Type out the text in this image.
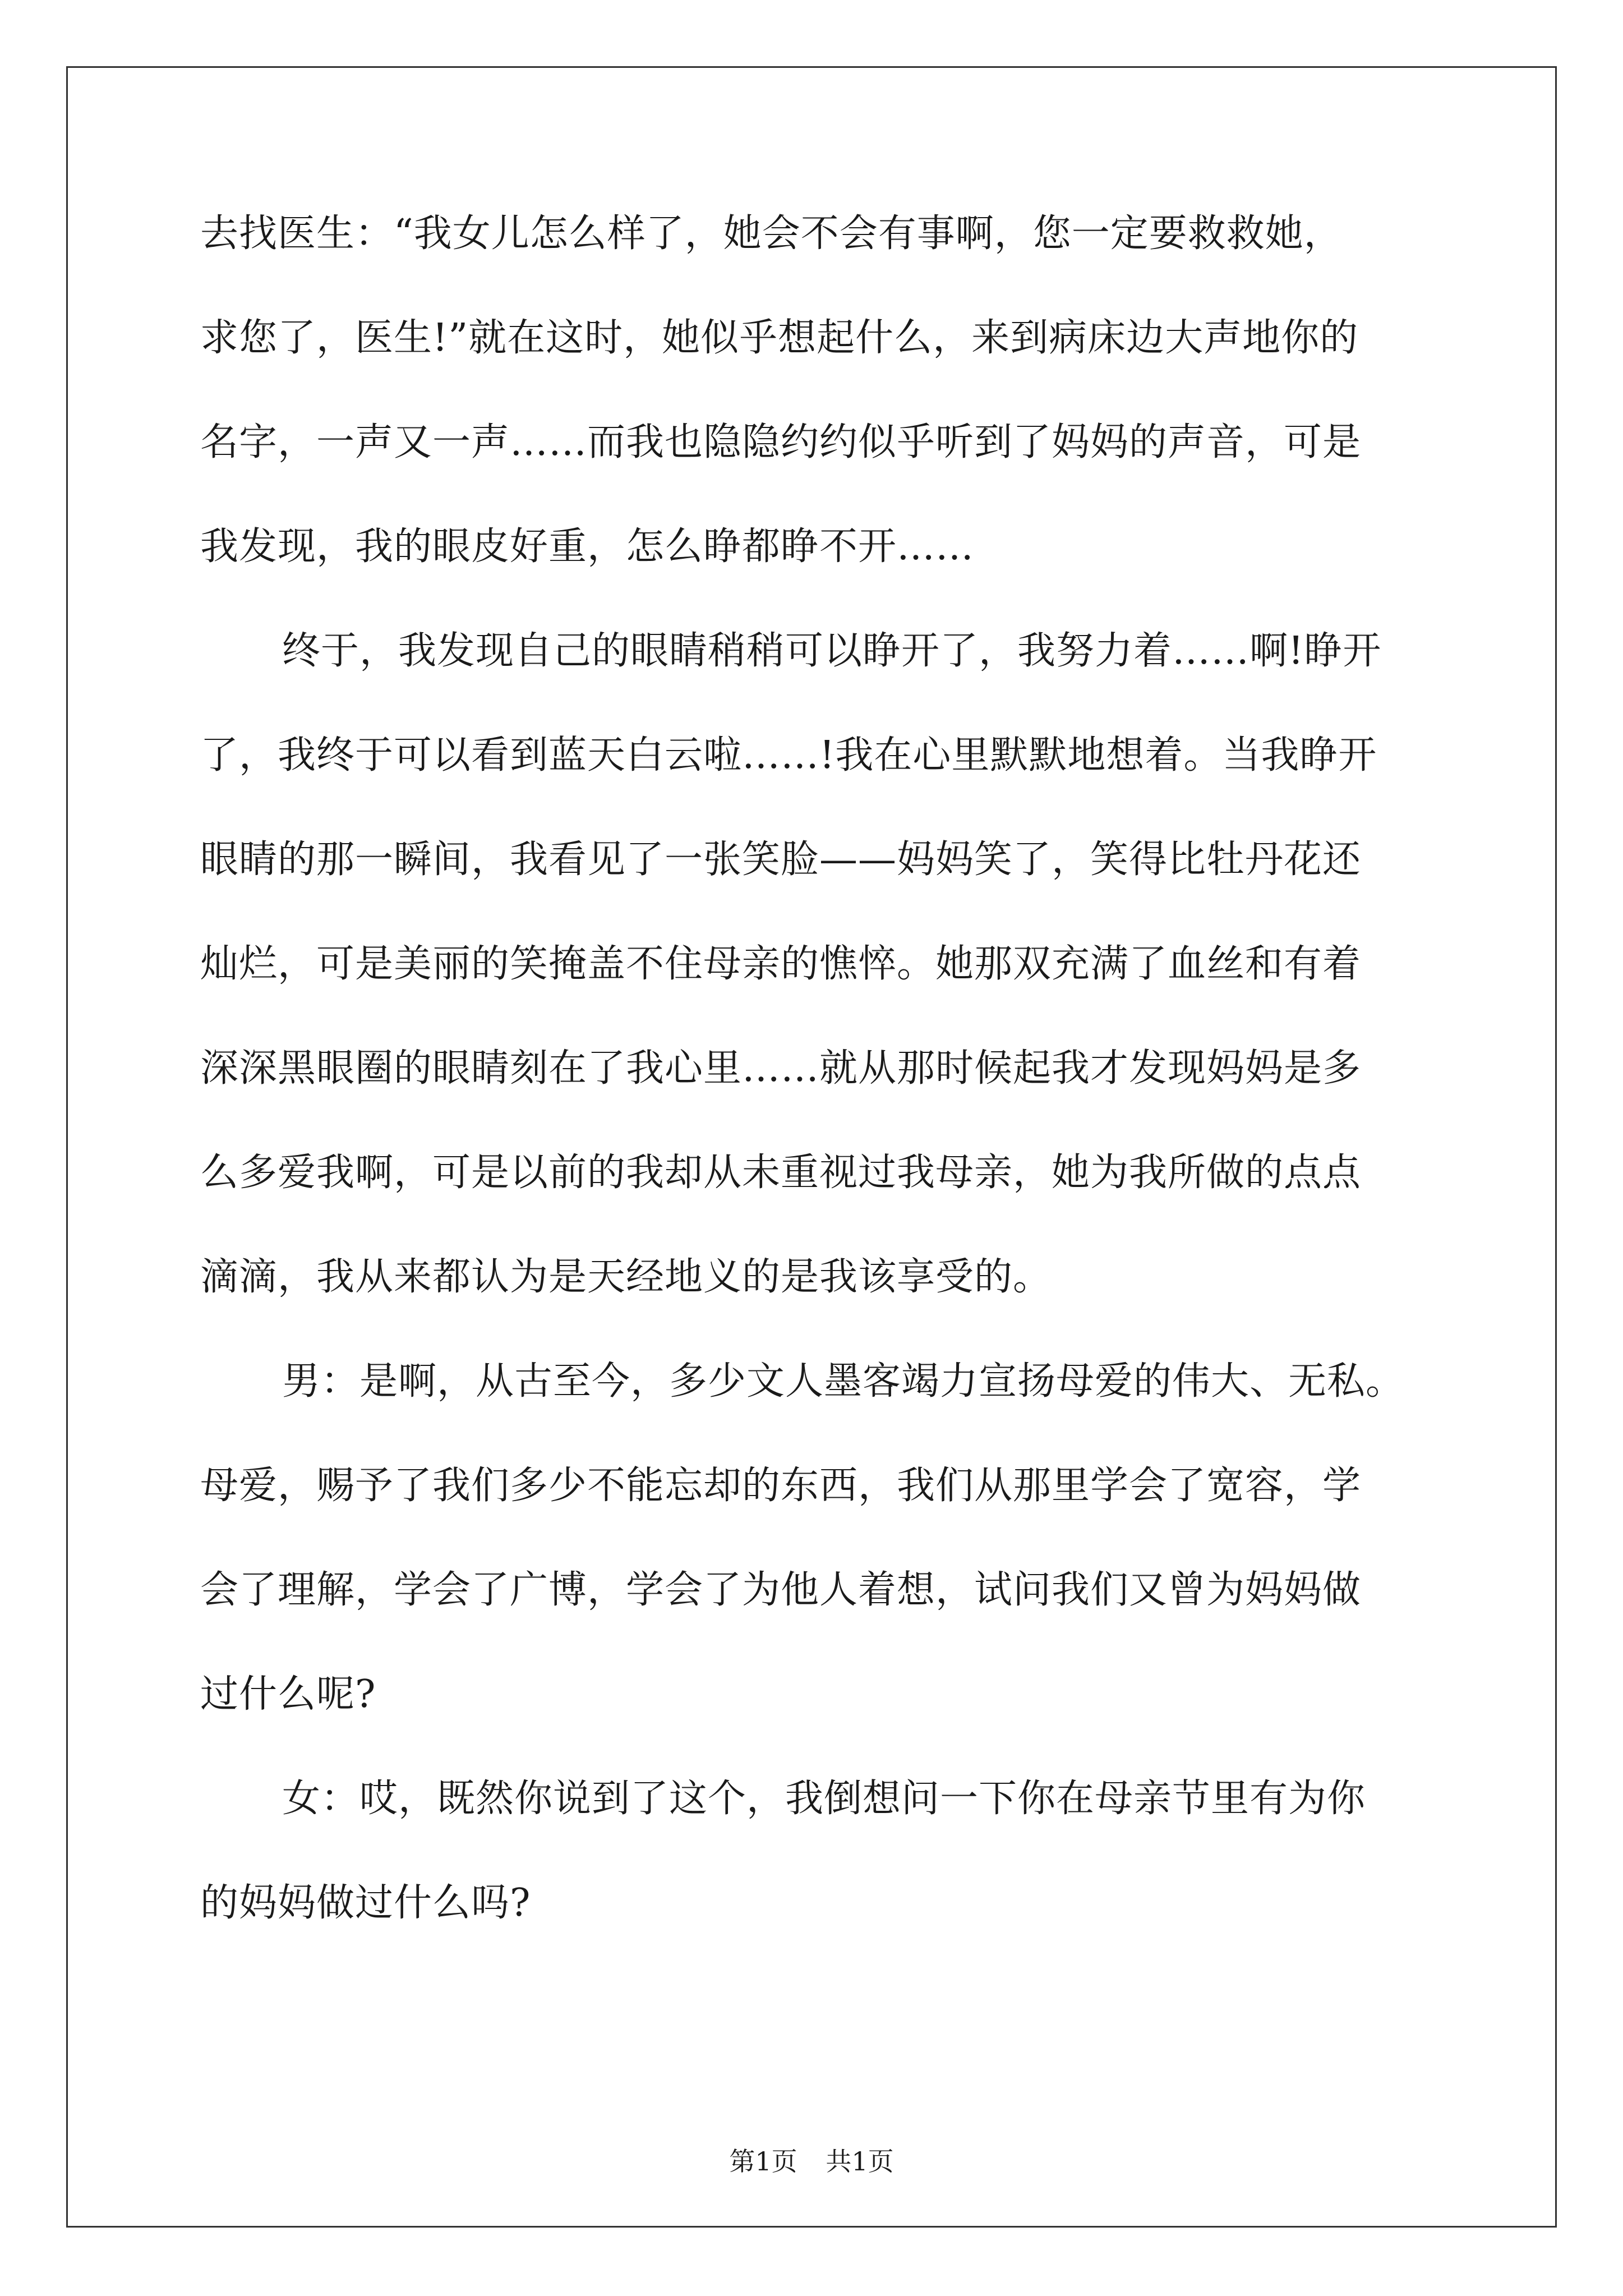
去找医生：“我女儿怎么样了，她会不会有事啊，您一定要救救她，
求您了，医生!”就在这时，她似乎想起什么，来到病床边大声地你的
名字，一声又一声……而我也隐隐约约似乎听到了妈妈的声音，可是
我发现，我的眼皮好重，怎么睁都睁不开……
终于，我发现自己的眼睛稍稍可以睁开了，我努力着……啊!睁开
了，我终于可以看到蓝天白云啦……!我在心里默默地想着。当我睁开
眼睛的那一瞬间，我看见了一张笑脸——妈妈笑了，笑得比牡丹花还
灿烂，可是美丽的笑掩盖不住母亲的憔悴。她那双充满了血丝和有着
深深黑眼圈的眼睛刻在了我心里……就从那时候起我才发现妈妈是多
么多爱我啊，可是以前的我却从未重视过我母亲，她为我所做的点点
滴滴，我从来都认为是天经地义的是我该享受的。
男：是啊，从古至今，多少文人墨客竭力宣扬母爱的伟大、无私。
母爱，赐予了我们多少不能忘却的东西，我们从那里学会了宽容，学
会了理解，学会了广博，学会了为他人着想，试问我们又曾为妈妈做
过什么呢?
女：哎，既然你说到了这个，我倒想问一下你在母亲节里有为你
的妈妈做过什么吗?
第1页 共1页
